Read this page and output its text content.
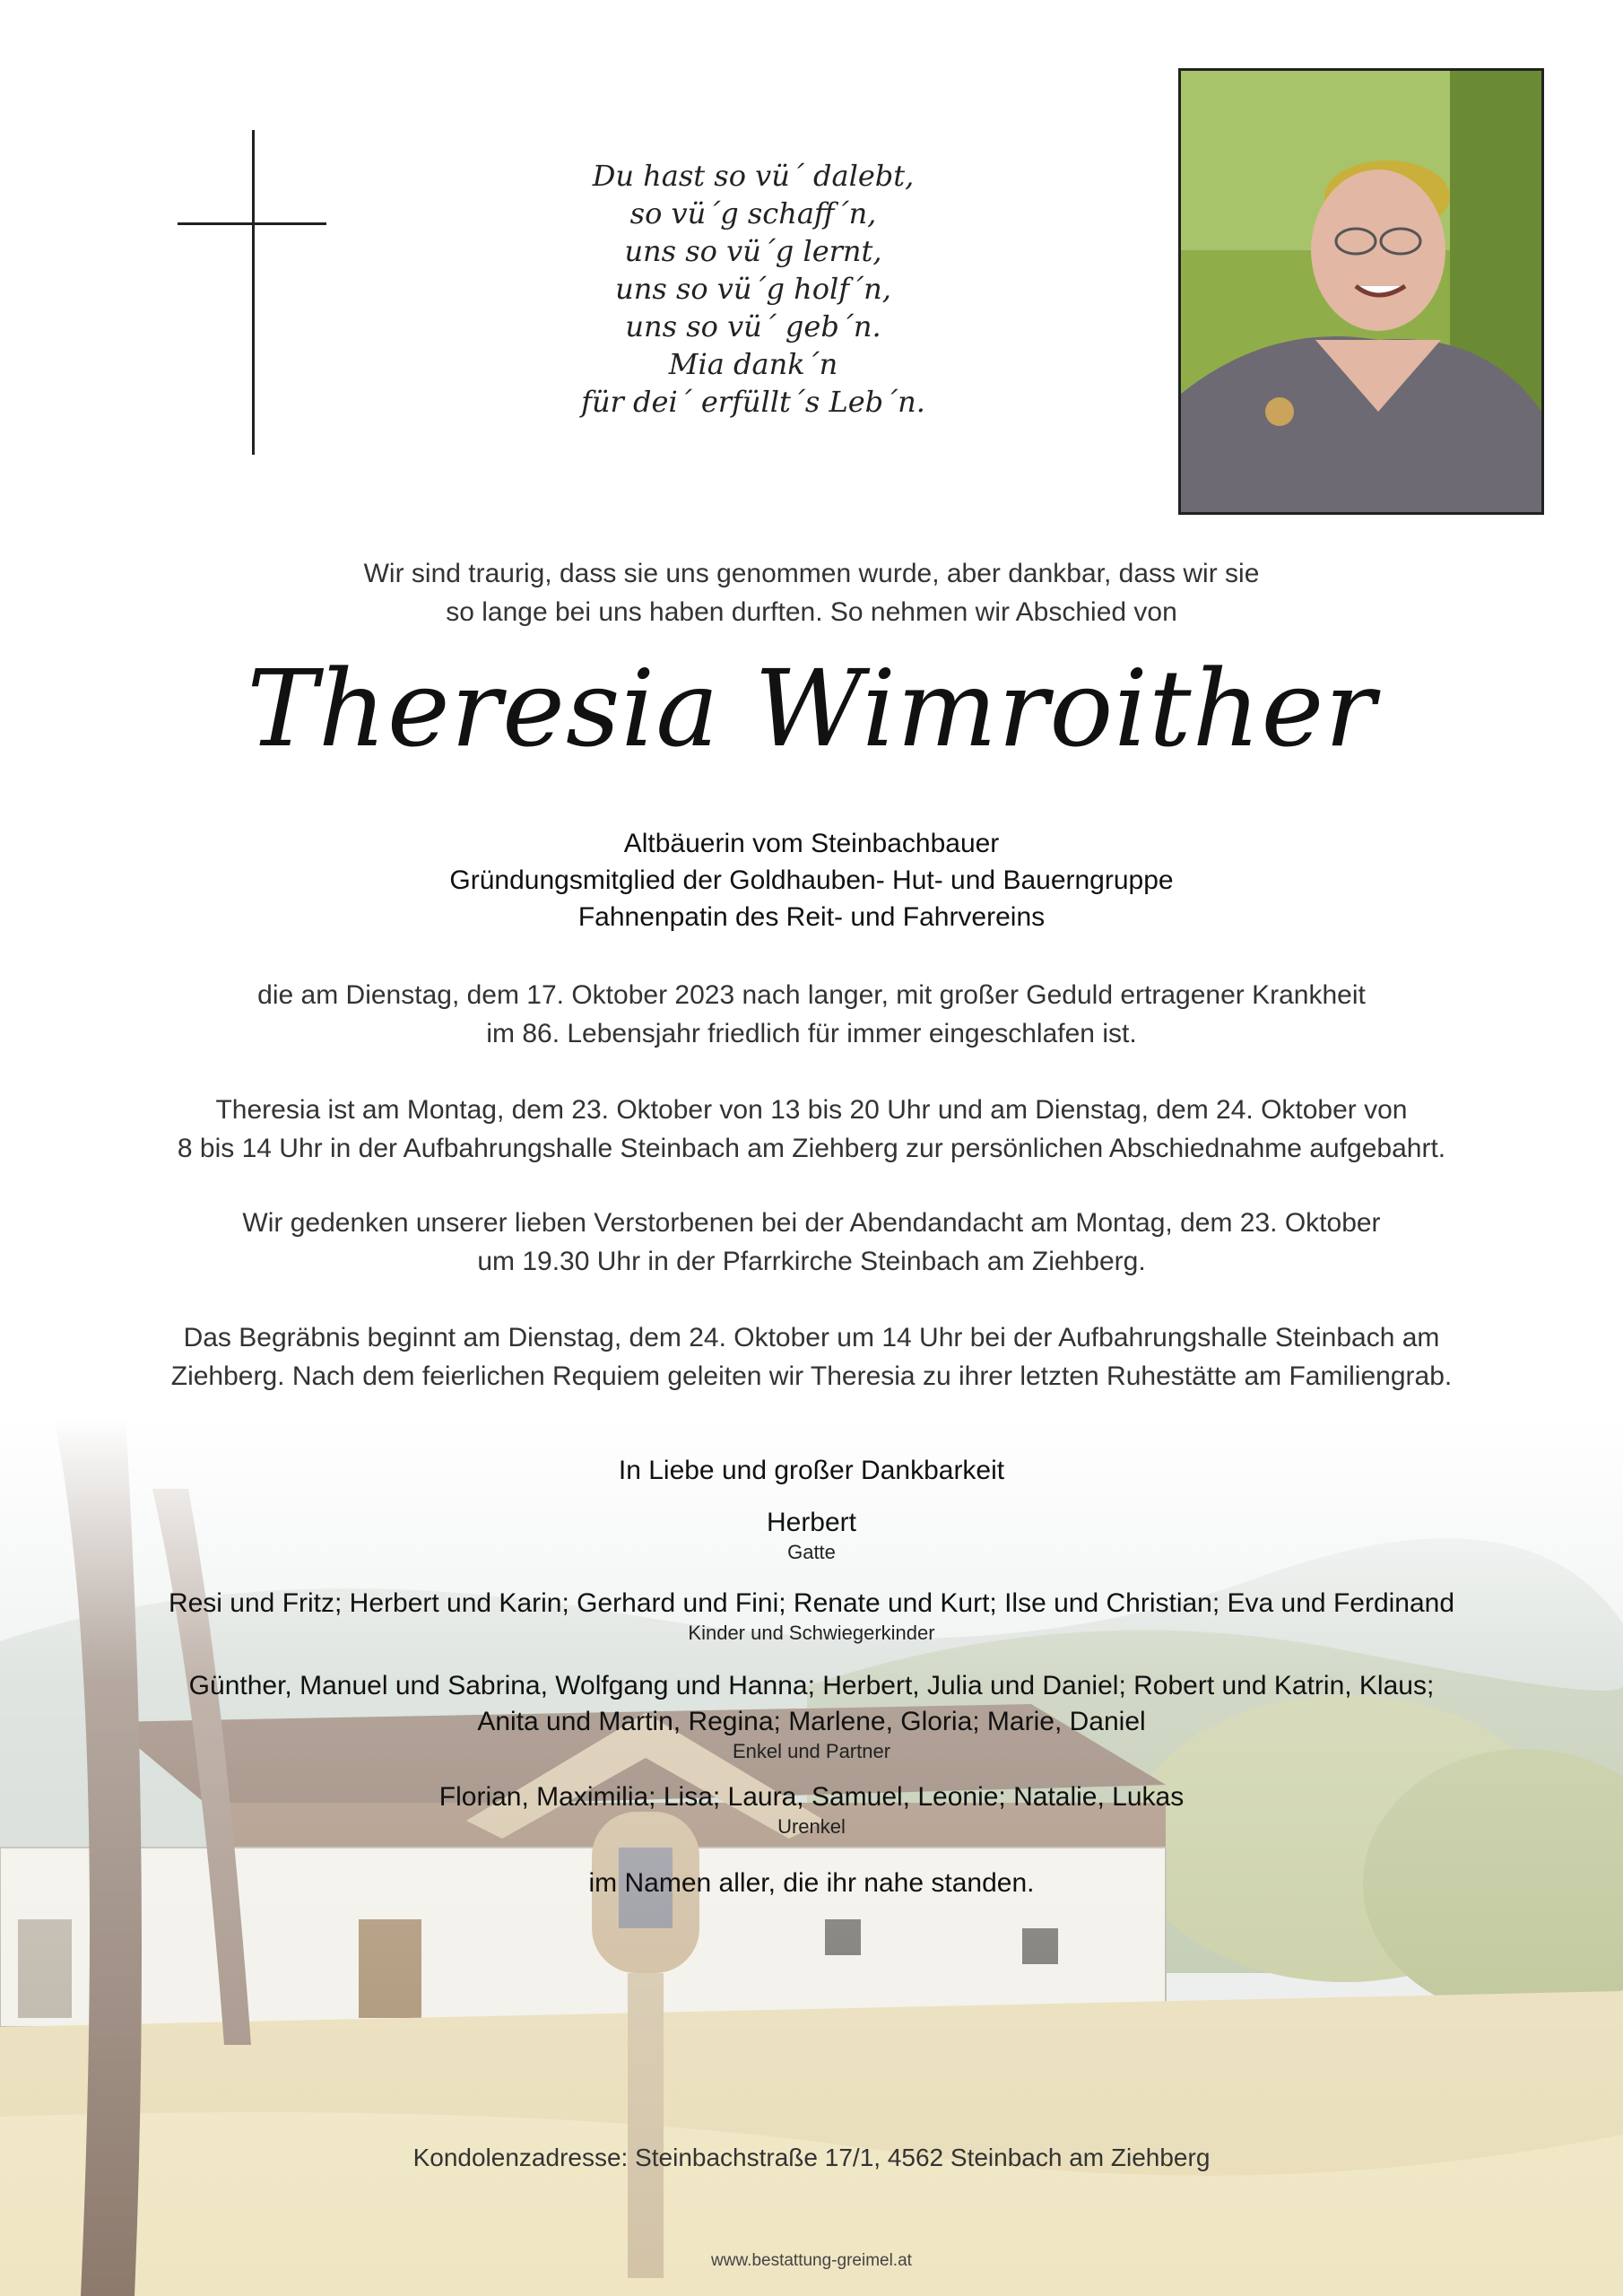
Du hast so vü´ dalebt,
so vü´g schaff´n,
uns so vü´g lernt,
uns so vü´g holf´n,
uns so vü´ geb´n.
Mia dank´n
für dei´ erfüllt´s Leb´n.
Wir sind traurig, dass sie uns genommen wurde, aber dankbar, dass wir sie
so lange bei uns haben durften. So nehmen wir Abschied von
Theresia Wimroither
Altbäuerin vom Steinbachbauer
Gründungsmitglied der Goldhauben- Hut- und Bauerngruppe
Fahnenpatin des Reit- und Fahrvereins
die am Dienstag, dem 17. Oktober 2023 nach langer, mit großer Geduld ertragener Krankheit
im 86. Lebensjahr friedlich für immer eingeschlafen ist.
Theresia ist am Montag, dem 23. Oktober von 13 bis 20 Uhr und am Dienstag, dem 24. Oktober von
8 bis 14 Uhr in der Aufbahrungshalle Steinbach am Ziehberg zur persönlichen Abschiednahme aufgebahrt.
Wir gedenken unserer lieben Verstorbenen bei der Abendandacht am Montag, dem 23. Oktober
um 19.30 Uhr in der Pfarrkirche Steinbach am Ziehberg.
Das Begräbnis beginnt am Dienstag, dem 24. Oktober um 14 Uhr bei der Aufbahrungshalle Steinbach am
Ziehberg. Nach dem feierlichen Requiem geleiten wir Theresia zu ihrer letzten Ruhestätte am Familiengrab.
In Liebe und großer Dankbarkeit
Herbert
Gatte
Resi und Fritz; Herbert und Karin; Gerhard und Fini; Renate und Kurt; Ilse und Christian; Eva und Ferdinand
Kinder und Schwiegerkinder
Günther, Manuel und Sabrina, Wolfgang und Hanna; Herbert, Julia und Daniel; Robert und Katrin, Klaus;
Anita und Martin, Regina; Marlene, Gloria; Marie, Daniel
Enkel und Partner
Florian, Maximilia; Lisa; Laura, Samuel, Leonie; Natalie, Lukas
Urenkel
im Namen aller, die ihr nahe standen.
Kondolenzadresse: Steinbachstraße 17/1, 4562 Steinbach am Ziehberg
www.bestattung-greimel.at
